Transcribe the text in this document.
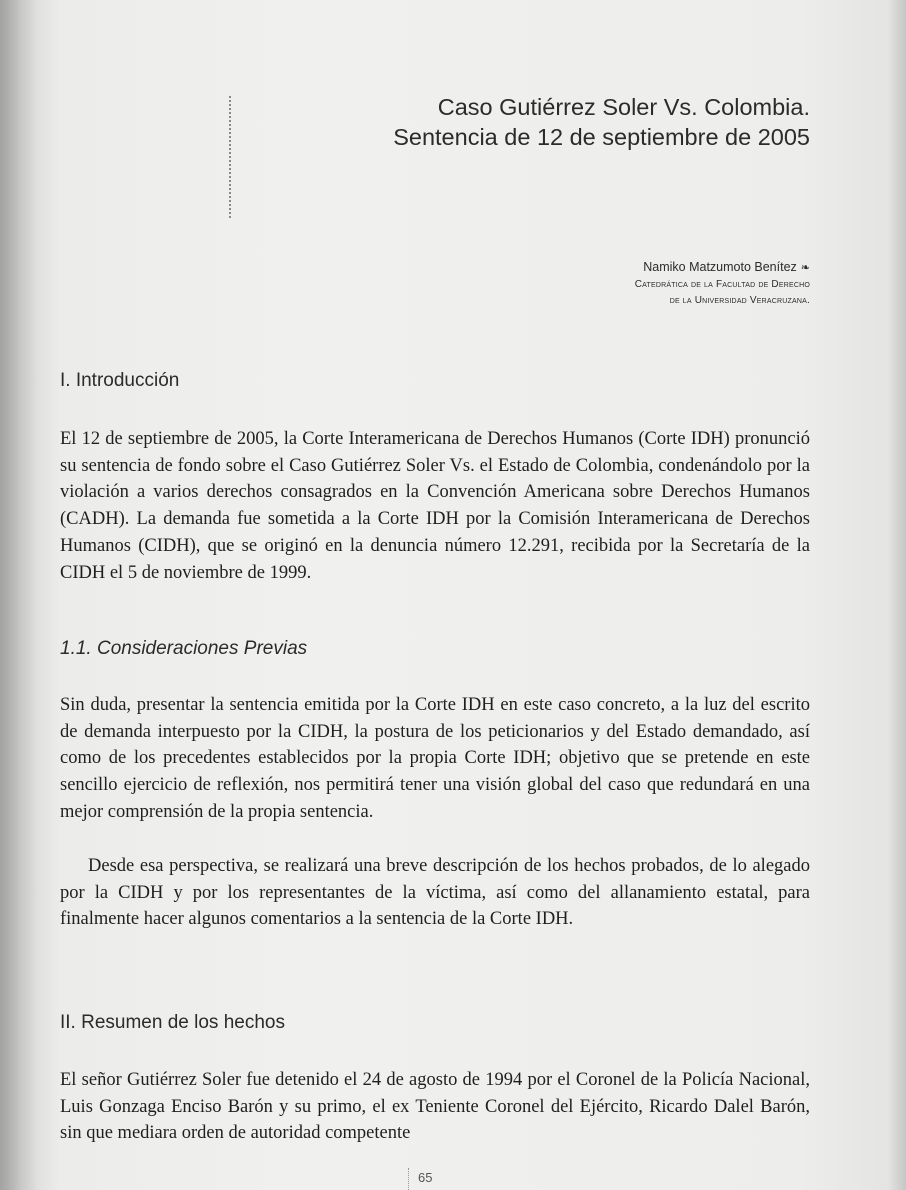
Caso Gutiérrez Soler Vs. Colombia.
Sentencia de 12 de septiembre de 2005
Namiko Matzumoto Benítez ❧
Catedrática de la Facultad de Derecho
de la Universidad Veracruzana.
I. Introducción

El 12 de septiembre de 2005, la Corte Interamericana de Derechos Humanos (Corte IDH) pronunció su sentencia de fondo sobre el Caso Gutiérrez Soler Vs. el Estado de Colombia, condenándolo por la violación a varios derechos consagrados en la Convención Americana sobre Derechos Humanos (CADH). La demanda fue sometida a la Corte IDH por la Comisión Interamericana de Derechos Humanos (CIDH), que se originó en la denuncia número 12.291, recibida por la Secretaría de la CIDH el 5 de noviembre de 1999.

1.1. Consideraciones Previas

Sin duda, presentar la sentencia emitida por la Corte IDH en este caso concreto, a la luz del escrito de demanda interpuesto por la CIDH, la postura de los peticionarios y del Estado demandado, así como de los precedentes establecidos por la propia Corte IDH; objetivo que se pretende en este sencillo ejercicio de reflexión, nos permitirá tener una visión global del caso que redundará en una mejor comprensión de la propia sentencia.

Desde esa perspectiva, se realizará una breve descripción de los hechos probados, de lo alegado por la CIDH y por los representantes de la víctima, así como del allanamiento estatal, para finalmente hacer algunos comentarios a la sentencia de la Corte IDH.

II. Resumen de los hechos

El señor Gutiérrez Soler fue detenido el 24 de agosto de 1994 por el Coronel de la Policía Nacional, Luis Gonzaga Enciso Barón y su primo, el ex Teniente Coronel del Ejército, Ricardo Dalel Barón, sin que mediara orden de autoridad competente

65
